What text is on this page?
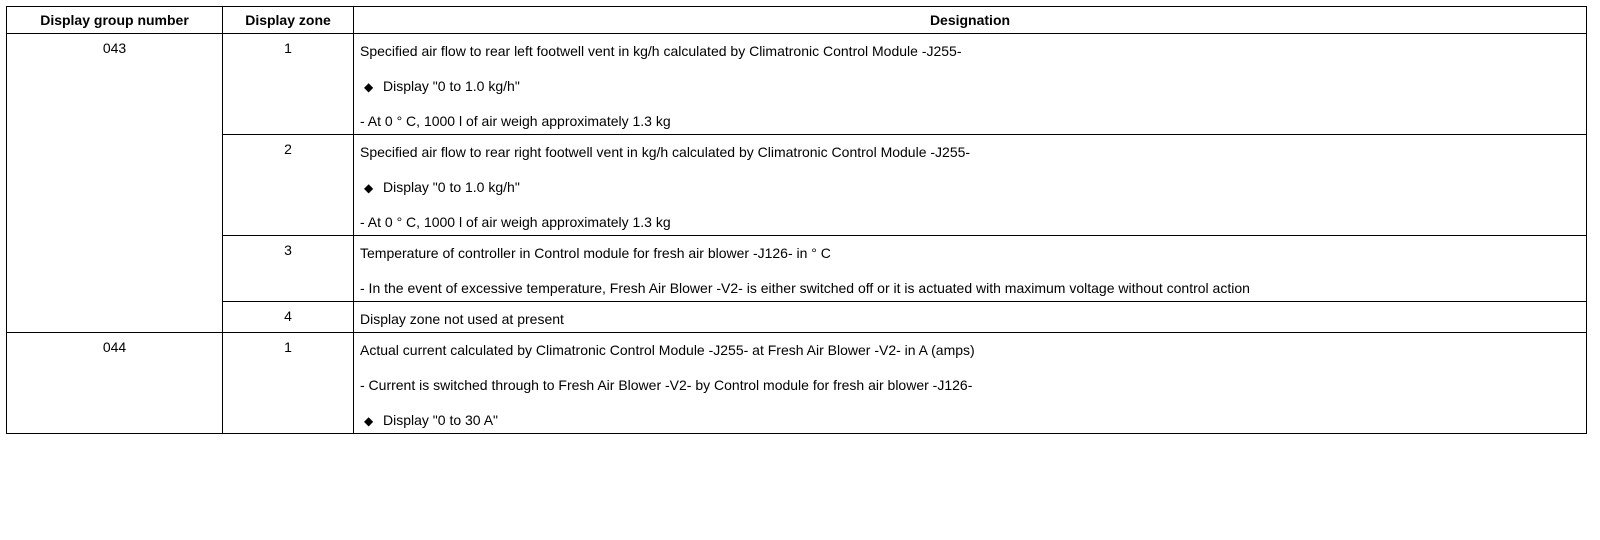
Display group number	Display zone	Designation
043	1	Specified air flow to rear left footwell vent in kg/h calculated by Climatronic Control Module -J255-
◆ Display "0 to 1.0 kg/h"
- At 0 ° C, 1000 l of air weigh approximately 1.3 kg

	2	Specified air flow to rear right footwell vent in kg/h calculated by Climatronic Control Module -J255-
◆ Display "0 to 1.0 kg/h"
- At 0 ° C, 1000 l of air weigh approximately 1.3 kg

	3	Temperature of controller in Control module for fresh air blower -J126- in ° C
- In the event of excessive temperature, Fresh Air Blower -V2- is either switched off or it is actuated with maximum voltage without control action

	4	Display zone not used at present

044	1	Actual current calculated by Climatronic Control Module -J255- at Fresh Air Blower -V2- in A (amps)
- Current is switched through to Fresh Air Blower -V2- by Control module for fresh air blower -J126-
◆ Display "0 to 30 A"
